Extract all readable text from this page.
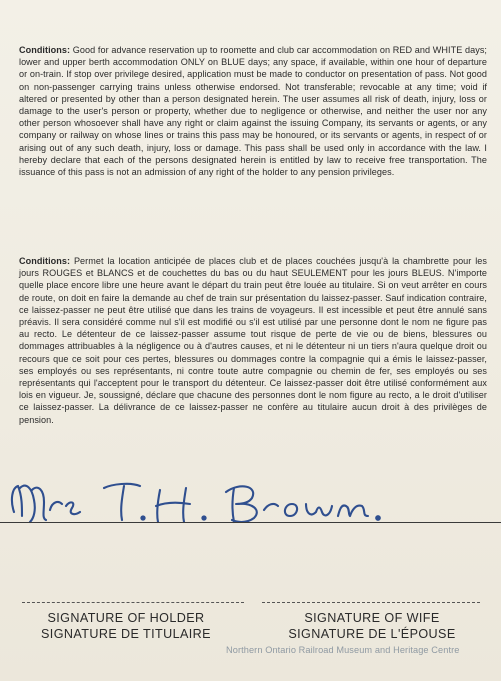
Conditions: Good for advance reservation up to roomette and club car accommodation on RED and WHITE days; lower and upper berth accommodation ONLY on BLUE days; any space, if available, within one hour of departure or on-train. If stop over privilege desired, application must be made to conductor on presentation of pass. Not good on non-passenger carrying trains unless otherwise endorsed. Not transferable; revocable at any time; void if altered or presented by other than a person designated herein. The user assumes all risk of death, injury, loss or damage to the user's person or property, whether due to negligence or otherwise, and neither the user nor any other person whosoever shall have any right or claim against the issuing Company, its servants or agents, or any company or railway on whose lines or trains this pass may be honoured, or its servants or agents, in respect of or arising out of any such death, injury, loss or damage. This pass shall be used only in accordance with the law. I hereby declare that each of the persons designated herein is entitled by law to receive free transportation. The issuance of this pass is not an admission of any right of the holder to any pension privileges.
Conditions: Permet la location anticipée de places club et de places couchées jusqu'à la chambrette pour les jours ROUGES et BLANCS et de couchettes du bas ou du haut SEULEMENT pour les jours BLEUS. N'importe quelle place encore libre une heure avant le départ du train peut être louée au titulaire. Si on veut arrêter en cours de route, on doit en faire la demande au chef de train sur présentation du laissez-passer. Sauf indication contraire, ce laissez-passer ne peut être utilisé que dans les trains de voyageurs. Il est incessible et peut être annulé sans préavis. Il sera considéré comme nul s'il est modifié ou s'il est utilisé par une personne dont le nom ne figure pas au recto. Le détenteur de ce laissez-passer assume tout risque de perte de vie ou de biens, blessures ou dommages attribuables à la négligence ou à d'autres causes, et ni le détenteur ni un tiers n'aura quelque droit ou recours que ce soit pour ces pertes, blessures ou dommages contre la compagnie qui a émis le laissez-passer, ses employés ou ses représentants, ni contre toute autre compagnie ou chemin de fer, ses employés ou ses représentants qui l'acceptent pour le transport du détenteur. Ce laissez-passer doit être utilisé conformément aux lois en vigueur. Je, soussigné, déclare que chacune des personnes dont le nom figure au recto, a le droit d'utiliser ce laissez-passer. La délivrance de ce laissez-passer ne confère au titulaire aucun droit à des privilèges de pension.
SIGNATURE OF HOLDER
SIGNATURE DE TITULAIRE
SIGNATURE OF WIFE
SIGNATURE DE L'ÉPOUSE
Northern Ontario Railroad Museum and Heritage Centre
